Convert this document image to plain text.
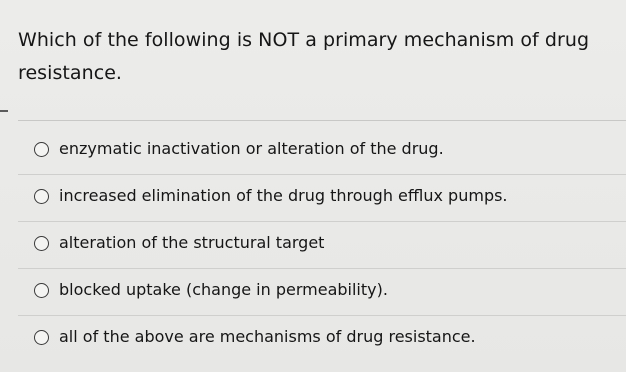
Which of the following is NOT a primary mechanism of drug resistance.
enzymatic inactivation or alteration of the drug.
increased elimination of the drug through efflux pumps.
alteration of the structural target
blocked uptake (change in permeability).
all of the above are mechanisms of drug resistance.
